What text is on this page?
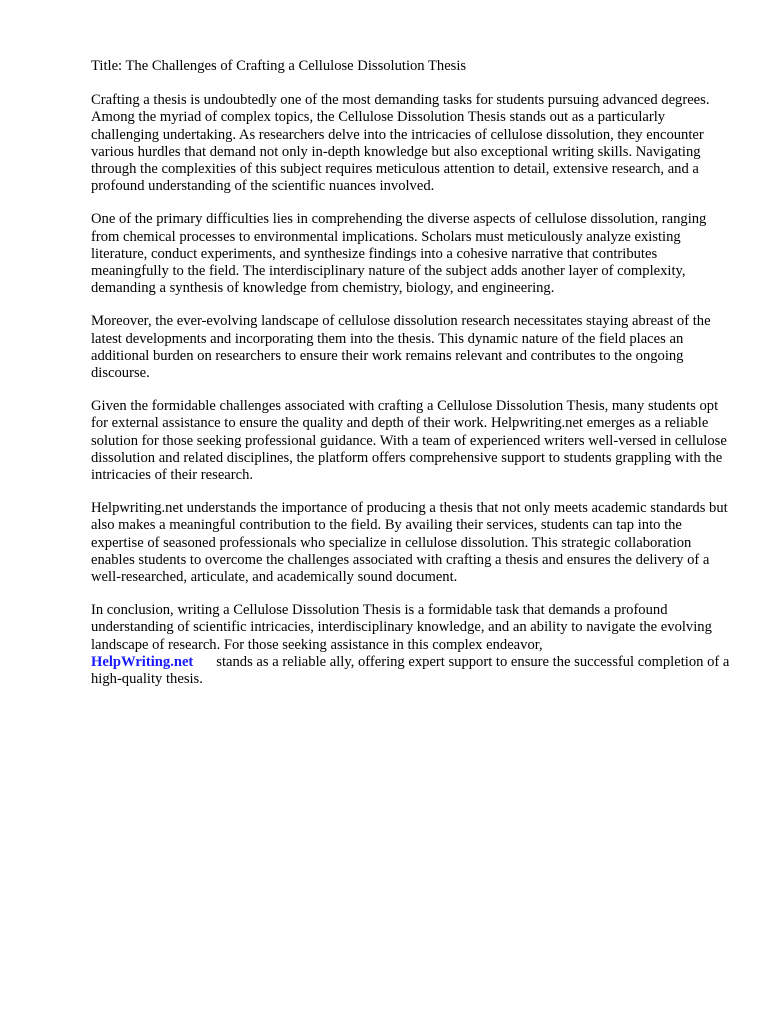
Title: The Challenges of Crafting a Cellulose Dissolution Thesis

Crafting a thesis is undoubtedly one of the most demanding tasks for students pursuing advanced degrees. Among the myriad of complex topics, the Cellulose Dissolution Thesis stands out as a particularly challenging undertaking. As researchers delve into the intricacies of cellulose dissolution, they encounter various hurdles that demand not only in-depth knowledge but also exceptional writing skills. Navigating through the complexities of this subject requires meticulous attention to detail, extensive research, and a profound understanding of the scientific nuances involved.

One of the primary difficulties lies in comprehending the diverse aspects of cellulose dissolution, ranging from chemical processes to environmental implications. Scholars must meticulously analyze existing literature, conduct experiments, and synthesize findings into a cohesive narrative that contributes meaningfully to the field. The interdisciplinary nature of the subject adds another layer of complexity, demanding a synthesis of knowledge from chemistry, biology, and engineering.

Moreover, the ever-evolving landscape of cellulose dissolution research necessitates staying abreast of the latest developments and incorporating them into the thesis. This dynamic nature of the field places an additional burden on researchers to ensure their work remains relevant and contributes to the ongoing discourse.

Given the formidable challenges associated with crafting a Cellulose Dissolution Thesis, many students opt for external assistance to ensure the quality and depth of their work. Helpwriting.net emerges as a reliable solution for those seeking professional guidance. With a team of experienced writers well-versed in cellulose dissolution and related disciplines, the platform offers comprehensive support to students grappling with the intricacies of their research.

Helpwriting.net understands the importance of producing a thesis that not only meets academic standards but also makes a meaningful contribution to the field. By availing their services, students can tap into the expertise of seasoned professionals who specialize in cellulose dissolution. This strategic collaboration enables students to overcome the challenges associated with crafting a thesis and ensures the delivery of a well-researched, articulate, and academically sound document.

In conclusion, writing a Cellulose Dissolution Thesis is a formidable task that demands a profound understanding of scientific intricacies, interdisciplinary knowledge, and an ability to navigate the evolving landscape of research. For those seeking assistance in this complex endeavor,
HelpWriting.net stands as a reliable ally, offering expert support to ensure the successful completion of a high-quality thesis.
